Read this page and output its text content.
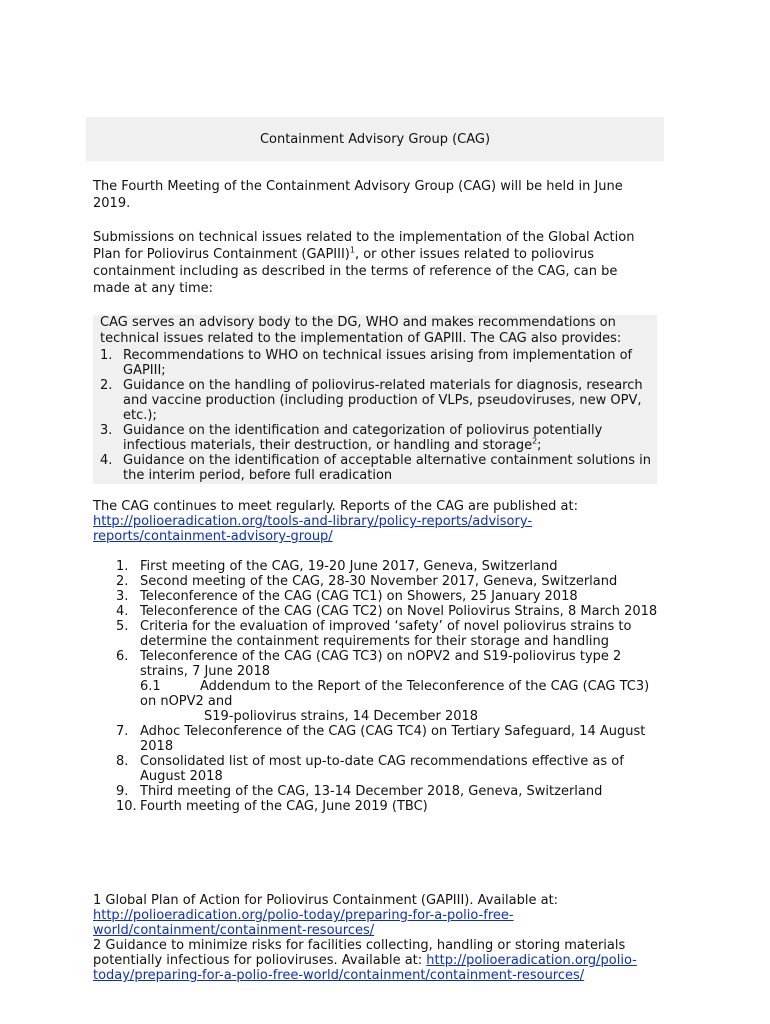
Containment Advisory Group (CAG)

The Fourth Meeting of the Containment Advisory Group (CAG) will be held in June 2019.

Submissions on technical issues related to the implementation of the Global Action Plan for Poliovirus Containment (GAPIII)$^1$, or other issues related to poliovirus containment including as described in the terms of reference of the CAG, can be made at any time:

CAG serves an advisory body to the DG, WHO and makes recommendations on technical issues related to the implementation of GAPIII. The CAG also provides:

1. Recommendations to WHO on technical issues arising from implementation of GAPIII;
2. Guidance on the handling of poliovirus-related materials for diagnosis, research and vaccine production (including production of VLPs, pseudoviruses, new OPV, etc.);
3. Guidance on the identification and categorization of poliovirus potentially infectious materials, their destruction, or handling and storage$^2$;
4. Guidance on the identification of acceptable alternative containment solutions in the interim period, before full eradication
The CAG continues to meet regularly. Reports of the CAG are published at:
http://polioeradication.org/tools-and-library/policy-reports/advisory-reports/containment-advisory-group/
1. First meeting of the CAG, 19-20 June 2017, Geneva, Switzerland
2. Second meeting of the CAG, 28-30 November 2017, Geneva, Switzerland
3. Teleconference of the CAG (CAG TC1) on Showers, 25 January 2018
4. Teleconference of the CAG (CAG TC2) on Novel Poliovirus Strains, 8 March 2018
5. Criteria for the evaluation of improved ‘safety’ of novel poliovirus strains to determine the containment requirements for their storage and handling
6. Teleconference of the CAG (CAG TC3) on nOPV2 and S19-poliovirus type 2 strains, 7 June 2018
6.1	Addendum to the Report of the Teleconference of the CAG (CAG TC3) on nOPV2 and
S19-poliovirus strains, 14 December 2018
7. Adhoc Teleconference of the CAG (CAG TC4) on Tertiary Safeguard, 14 August 2018
8. Consolidated list of most up-to-date CAG recommendations effective as of August 2018
9. Third meeting of the CAG, 13-14 December 2018, Geneva, Switzerland
10. Fourth meeting of the CAG, June 2019 (TBC)

1 Global Plan of Action for Poliovirus Containment (GAPIII). Available at:
http://polioeradication.org/polio-today/preparing-for-a-polio-free-world/containment/containment-resources/

2 Guidance to minimize risks for facilities collecting, handling or storing materials potentially infectious for polioviruses. Available at: http://polioeradication.org/polio-today/preparing-for-a-polio-free-world/containment/containment-resources/
